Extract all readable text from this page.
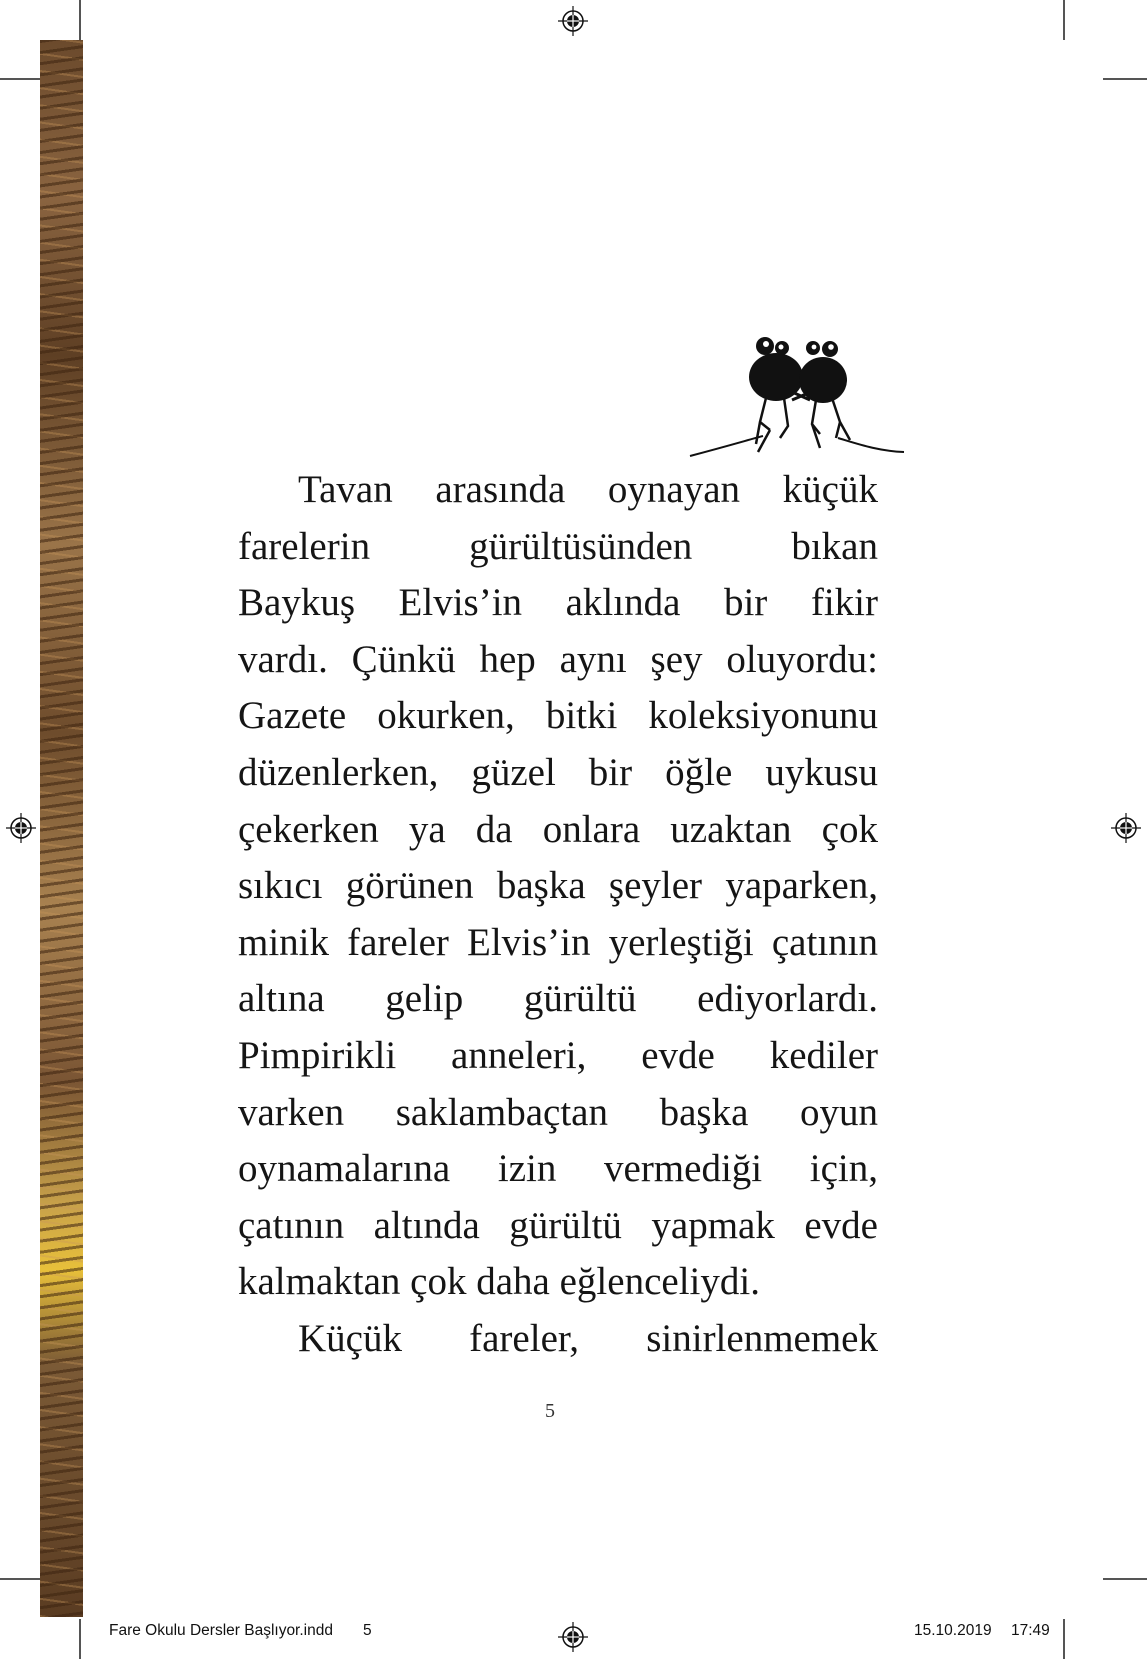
Tavan arasında oynayan küçük
farelerin gürültüsünden bıkan
Baykuş Elvis’in aklında bir fikir
vardı. Çünkü hep aynı şey oluyordu:
Gazete okurken, bitki koleksiyonunu
düzenlerken, güzel bir öğle uykusu
çekerken ya da onlara uzaktan çok
sıkıcı görünen başka şeyler yaparken,
minik fareler Elvis’in yerleştiği çatının
altına gelip gürültü ediyorlardı.
Pimpirikli anneleri, evde kediler
varken saklambaçtan başka oyun
oynamalarına izin vermediği için,
çatının altında gürültü yapmak evde
kalmaktan çok daha eğlenceliydi.
Küçük fareler, sinirlenmemek
5
Fare Okulu Dersler Başlıyor.indd 5	15.10.2019 17:49
